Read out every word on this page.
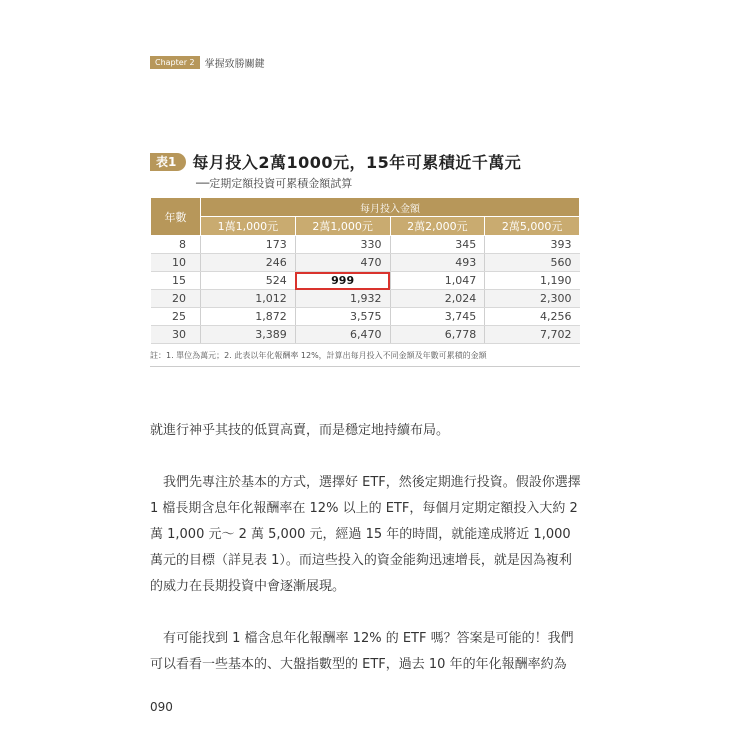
Chapter 2	掌握致勝關鍵
表1	每月投入2萬1000元，15年可累積近千萬元
──定期定額投資可累積金額試算
年數	每月投入金額			
	1萬1,000元	2萬1,000元	2萬2,000元	2萬5,000元
8	173	330	345	393
10	246	470	493	560
15	524	999	1,047	1,190
20	1,012	1,932	2,024	2,300
25	1,872	3,575	3,745	4,256
30	3,389	6,470	6,778	7,702
註：1. 單位為萬元；2. 此表以年化報酬率 12%，計算出每月投入不同金額及年數可累積的金額

就進行神乎其技的低買高賣，而是穩定地持續布局。

我們先專注於基本的方式，選擇好 ETF，然後定期進行投資。假設你選擇 1 檔長期含息年化報酬率在 12% 以上的 ETF，每個月定期定額投入大約 2 萬 1,000 元～ 2 萬 5,000 元，經過 15 年的時間，就能達成將近 1,000 萬元的目標（詳見表 1）。而這些投入的資金能夠迅速增長，就是因為複利的威力在長期投資中會逐漸展現。

有可能找到 1 檔含息年化報酬率 12% 的 ETF 嗎？答案是可能的！我們可以看看一些基本的、大盤指數型的 ETF，過去 10 年的年化報酬率約為

090
